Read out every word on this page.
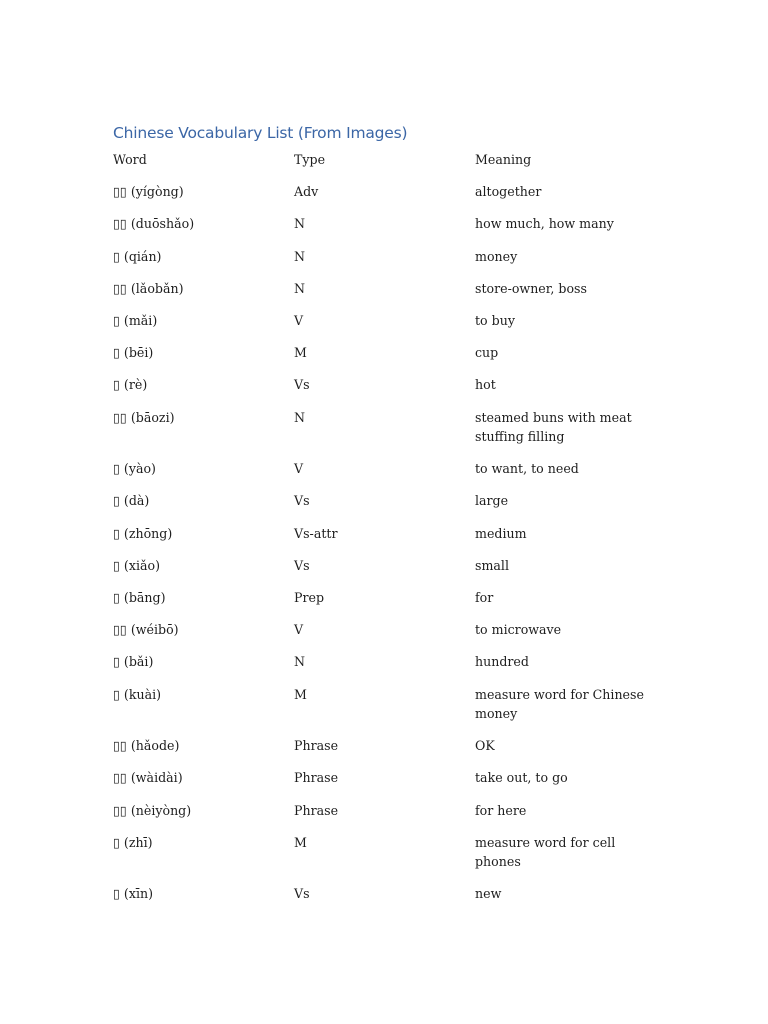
Chinese Vocabulary List (From Images)
Word	Type	Meaning
▯▯ (yígòng)	Adv	altogether
▯▯ (duōshǎo)	N	how much, how many
▯ (qián)	N	money
▯▯ (lǎobǎn)	N	store-owner, boss
▯ (mǎi)	V	to buy
▯ (bēi)	M	cup
▯ (rè)	Vs	hot
▯▯ (bāozi)	N	steamed buns with meat stuffing filling
▯ (yào)	V	to want, to need
▯ (dà)	Vs	large
▯ (zhōng)	Vs-attr	medium
▯ (xiǎo)	Vs	small
▯ (bāng)	Prep	for
▯▯ (wéibō)	V	to microwave
▯ (bǎi)	N	hundred
▯ (kuài)	M	measure word for Chinese money
▯▯ (hǎode)	Phrase	OK
▯▯ (wàidài)	Phrase	take out, to go
▯▯ (nèiyòng)	Phrase	for here
▯ (zhī)	M	measure word for cell phones
▯ (xīn)	Vs	new
